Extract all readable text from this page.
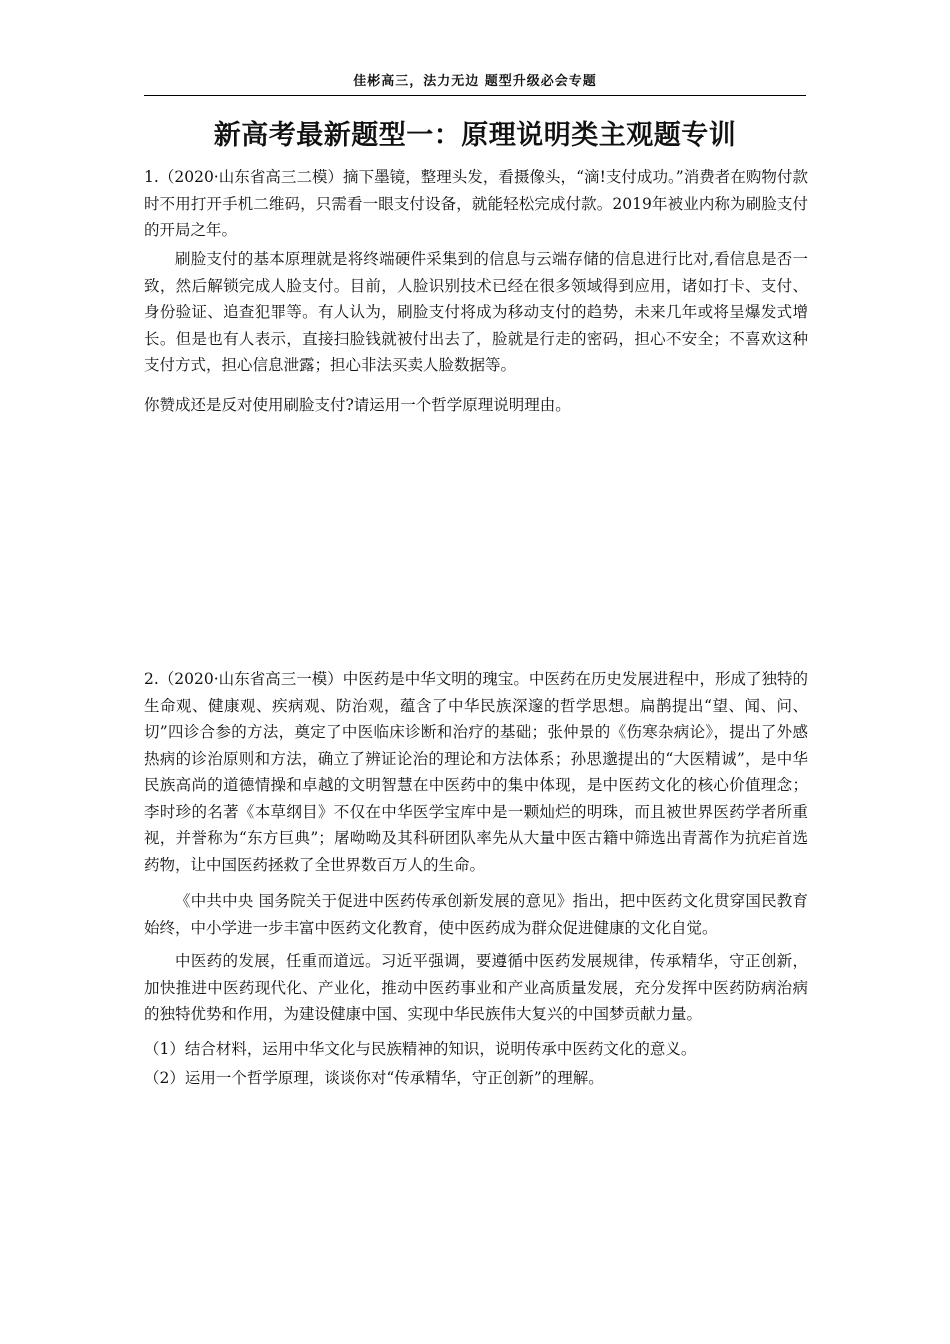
佳彬高三，法力无边 题型升级必会专题
新高考最新题型一：原理说明类主观题专训

1.（2020·山东省高三二模）摘下墨镜，整理头发，看摄像头，“滴!支付成功。”消费者在购物付款时不用打开手机二维码，只需看一眼支付设备，就能轻松完成付款。2019年被业内称为刷脸支付的开局之年。

刷脸支付的基本原理就是将终端硬件采集到的信息与云端存储的信息进行比对,看信息是否一致，然后解锁完成人脸支付。目前，人脸识别技术已经在很多领域得到应用，诸如打卡、支付、身份验证、追查犯罪等。有人认为，刷脸支付将成为移动支付的趋势，未来几年或将呈爆发式增长。但是也有人表示，直接扫脸钱就被付出去了，脸就是行走的密码，担心不安全；不喜欢这种支付方式，担心信息泄露；担心非法买卖人脸数据等。

你赞成还是反对使用刷脸支付?请运用一个哲学原理说明理由。

2.（2020·山东省高三一模）中医药是中华文明的瑰宝。中医药在历史发展进程中，形成了独特的生命观、健康观、疾病观、防治观，蕴含了中华民族深邃的哲学思想。扁鹊提出“望、闻、问、切”四诊合参的方法，奠定了中医临床诊断和治疗的基础；张仲景的《伤寒杂病论》，提出了外感热病的诊治原则和方法，确立了辨证论治的理论和方法体系；孙思邈提出的“大医精诚”，是中华民族高尚的道德情操和卓越的文明智慧在中医药中的集中体现，是中医药文化的核心价值理念；李时珍的名著《本草纲目》不仅在中华医学宝库中是一颗灿烂的明珠，而且被世界医药学者所重视，并誉称为“东方巨典”；屠呦呦及其科研团队率先从大量中医古籍中筛选出青蒿作为抗疟首选药物，让中国医药拯救了全世界数百万人的生命。

《中共中央 国务院关于促进中医药传承创新发展的意见》指出，把中医药文化贯穿国民教育始终，中小学进一步丰富中医药文化教育，使中医药成为群众促进健康的文化自觉。

中医药的发展，任重而道远。习近平强调，要遵循中医药发展规律，传承精华，守正创新，加快推进中医药现代化、产业化，推动中医药事业和产业高质量发展，充分发挥中医药防病治病的独特优势和作用，为建设健康中国、实现中华民族伟大复兴的中国梦贡献力量。

（1）结合材料，运用中华文化与民族精神的知识，说明传承中医药文化的意义。

（2）运用一个哲学原理，谈谈你对“传承精华，守正创新”的理解。
